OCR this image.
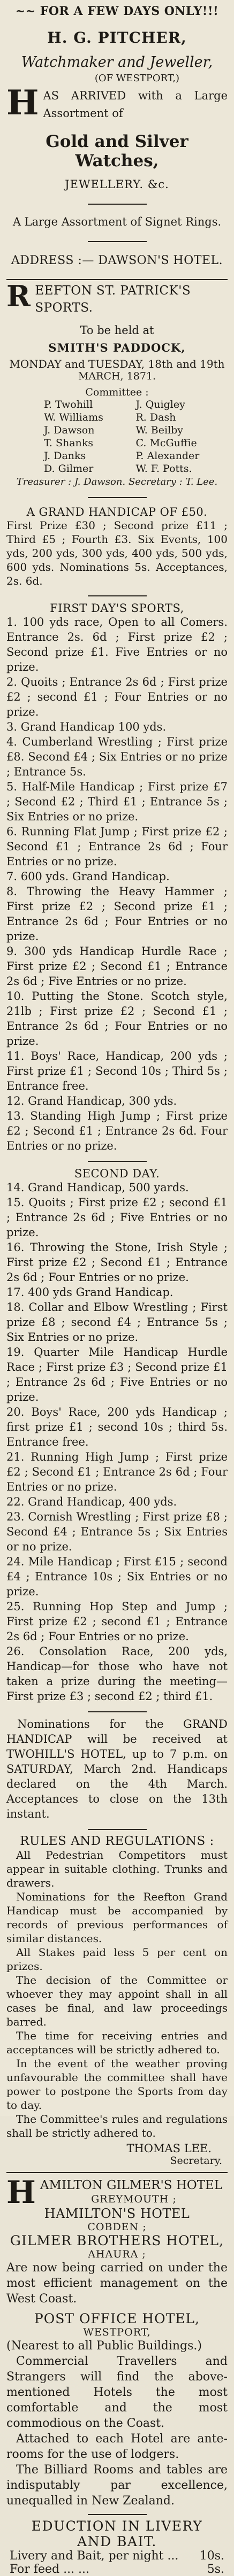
~~ FOR A FEW DAYS ONLY!!!
H. G. PITCHER,
Watchmaker and Jeweller,
(OF WESTPORT,)
H AS ARRIVED with a Large Assortment of
Gold and Silver Watches,
JEWELLERY. &c.
A Large Assortment of Signet Rings.
ADDRESS :— DAWSON'S HOTEL.
R EEFTON ST. PATRICK'S SPORTS.
To be held at
SMITH'S PADDOCK,
MONDAY and TUESDAY, 18th and 19th
MARCH, 1871.
Committee :
P. Twohill	J. Quigley
W. Williams	R. Dash
J. Dawson	W. Beilby
T. Shanks	C. McGuffie
J. Danks	P. Alexander
D. Gilmer	W. F. Potts.
Treasurer : J. Dawson. Secretary : T. Lee.
A GRAND HANDICAP OF £50.
First Prize £30 ; Second prize £11 ; Third £5 ; Fourth £3. Six Events, 100 yds, 200 yds, 300 yds, 400 yds, 500 yds, 600 yds. Nominations 5s. Acceptances, 2s. 6d.
FIRST DAY'S SPORTS,
1. 100 yds race, Open to all Comers. Entrance 2s. 6d ; First prize £2 ; Second prize £1. Five Entries or no prize.
2. Quoits ; Entrance 2s 6d ; First prize £2 ; second £1 ; Four Entries or no prize.
3. Grand Handicap 100 yds.
4. Cumberland Wrestling ; First prize £8. Second £4 ; Six Entries or no prize ; Entrance 5s.
5. Half-Mile Handicap ; First prize £7 ; Second £2 ; Third £1 ; Entrance 5s ; Six Entries or no prize.
6. Running Flat Jump ; First prize £2 ; Second £1 ; Entrance 2s 6d ; Four Entries or no prize.
7. 600 yds. Grand Handicap.
8. Throwing the Heavy Hammer ; First prize £2 ; Second prize £1 ; Entrance 2s 6d ; Four Entries or no prize.
9. 300 yds Handicap Hurdle Race ; First prize £2 ; Second £1 ; Entrance 2s 6d ; Five Entries or no prize.
10. Putting the Stone. Scotch style, 21lb ; First prize £2 ; Second £1 ; Entrance 2s 6d ; Four Entries or no prize.
11. Boys' Race, Handicap, 200 yds ; First prize £1 ; Second 10s ; Third 5s ; Entrance free.
12. Grand Handicap, 300 yds.
13. Standing High Jump ; First prize £2 ; Second £1 ; Entrance 2s 6d. Four Entries or no prize.
SECOND DAY.
14. Grand Handicap, 500 yards.
15. Quoits ; First prize £2 ; second £1 ; Entrance 2s 6d ; Five Entries or no prize.
16. Throwing the Stone, Irish Style ; First prize £2 ; Second £1 ; Entrance 2s 6d ; Four Entries or no prize.
17. 400 yds Grand Handicap.
18. Collar and Elbow Wrestling ; First prize £8 ; second £4 ; Entrance 5s ; Six Entries or no prize.
19. Quarter Mile Handicap Hurdle Race ; First prize £3 ; Second prize £1 ; Entrance 2s 6d ; Five Entries or no prize.
20. Boys' Race, 200 yds Handicap ; first prize £1 ; second 10s ; third 5s. Entrance free.
21. Running High Jump ; First prize £2 ; Second £1 ; Entrance 2s 6d ; Four Entries or no prize.
22. Grand Handicap, 400 yds.
23. Cornish Wrestling ; First prize £8 ; Second £4 ; Entrance 5s ; Six Entries or no prize.
24. Mile Handicap ; First £15 ; second £4 ; Entrance 10s ; Six Entries or no prize.
25. Running Hop Step and Jump ; First prize £2 ; second £1 ; Entrance 2s 6d ; Four Entries or no prize.
26. Consolation Race, 200 yds, Handicap—for those who have not taken a prize during the meeting—First prize £3 ; second £2 ; third £1.
Nominations for the GRAND HANDICAP will be received at TWOHILL'S HOTEL, up to 7 p.m. on SATURDAY, March 2nd. Handicaps declared on the 4th March. Acceptances to close on the 13th instant.
RULES AND REGULATIONS :

All Pedestrian Competitors must appear in suitable clothing. Trunks and drawers.

Nominations for the Reefton Grand Handicap must be accompanied by records of previous performances of similar distances.

All Stakes paid less 5 per cent on prizes.

The decision of the Committee or whoever they may appoint shall in all cases be final, and law proceedings barred.

The time for receiving entries and acceptances will be strictly adhered to.

In the event of the weather proving unfavourable the committee shall have power to postpone the Sports from day to day.

The Committee's rules and regulations shall be strictly adhered to.

THOMAS LEE.
Secretary.
H AMILTON GILMER'S HOTEL
GREYMOUTH ;
HAMILTON'S HOTEL
COBDEN ;
GILMER BROTHERS HOTEL,
AHAURA ;
Are now being carried on under the most efficient management on the West Coast.
POST OFFICE HOTEL,
WESTPORT,
(Nearest to all Public Buildings.)
Commercial Travellers and Strangers will find the above-mentioned Hotels the most comfortable and the most commodious on the Coast.
Attached to each Hotel are ante-rooms for the use of lodgers.
The Billiard Rooms and tables are indisputably par excellence, unequalled in New Zealand.
EDUCTION IN LIVERY
AND BAIT.
Livery and Bait, per night ... 10s.
For feed ... ...	5s.
